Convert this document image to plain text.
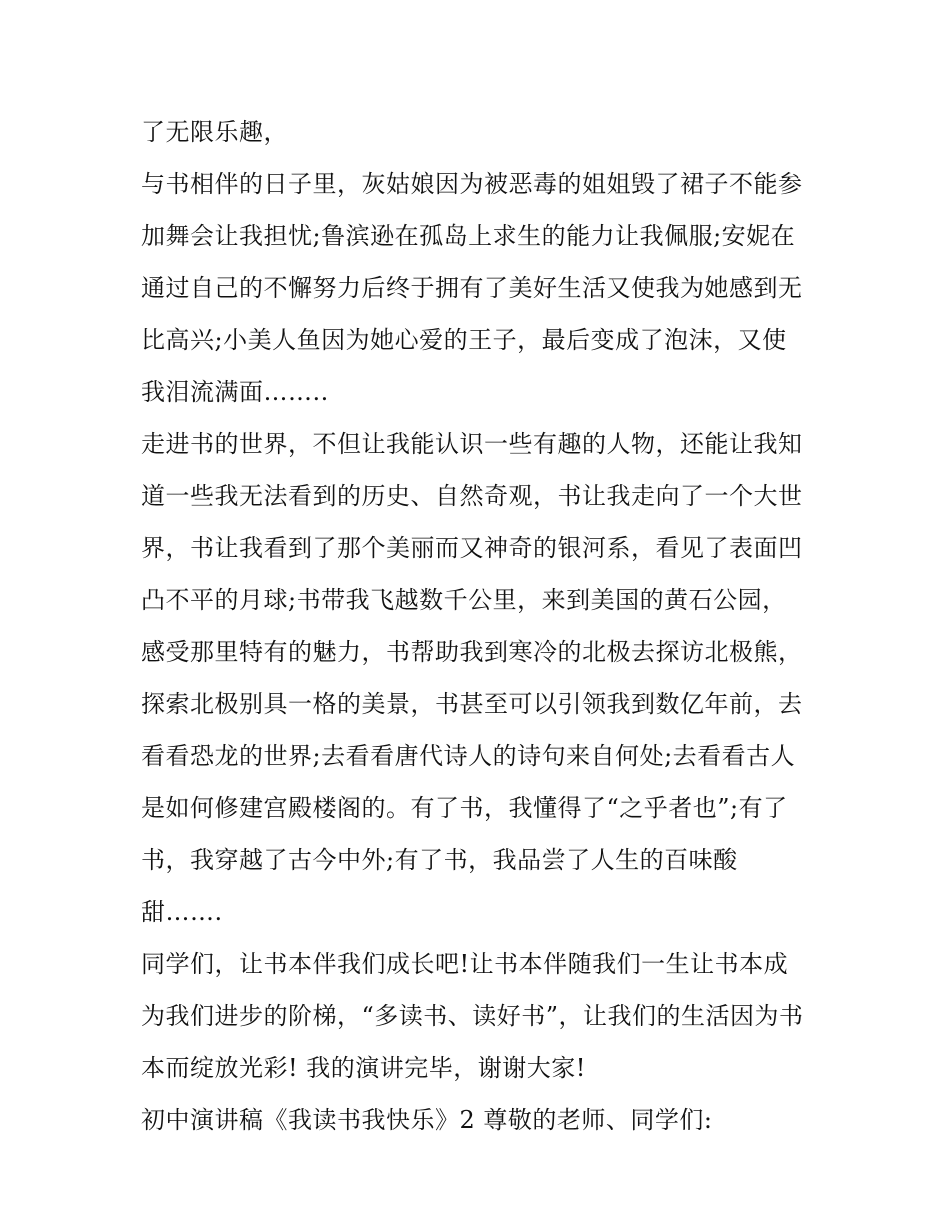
了无限乐趣，
与书相伴的日子里，灰姑娘因为被恶毒的姐姐毁了裙子不能参
加舞会让我担忧;鲁滨逊在孤岛上求生的能力让我佩服;安妮在
通过自己的不懈努力后终于拥有了美好生活又使我为她感到无
比高兴;小美人鱼因为她心爱的王子，最后变成了泡沫，又使
我泪流满面……..
走进书的世界，不但让我能认识一些有趣的人物，还能让我知
道一些我无法看到的历史、自然奇观，书让我走向了一个大世
界，书让我看到了那个美丽而又神奇的银河系，看见了表面凹
凸不平的月球;书带我飞越数千公里，来到美国的黄石公园，
感受那里特有的魅力，书帮助我到寒冷的北极去探访北极熊，
探索北极别具一格的美景，书甚至可以引领我到数亿年前，去
看看恐龙的世界;去看看唐代诗人的诗句来自何处;去看看古人
是如何修建宫殿楼阁的。有了书，我懂得了“之乎者也”;有了
书，我穿越了古今中外;有了书，我品尝了人生的百味酸
甜…….
同学们，让书本伴我们成长吧!让书本伴随我们一生让书本成
为我们进步的阶梯，“多读书、读好书”，让我们的生活因为书
本而绽放光彩! 我的演讲完毕，谢谢大家!
初中演讲稿《我读书我快乐》2 尊敬的老师、同学们:
